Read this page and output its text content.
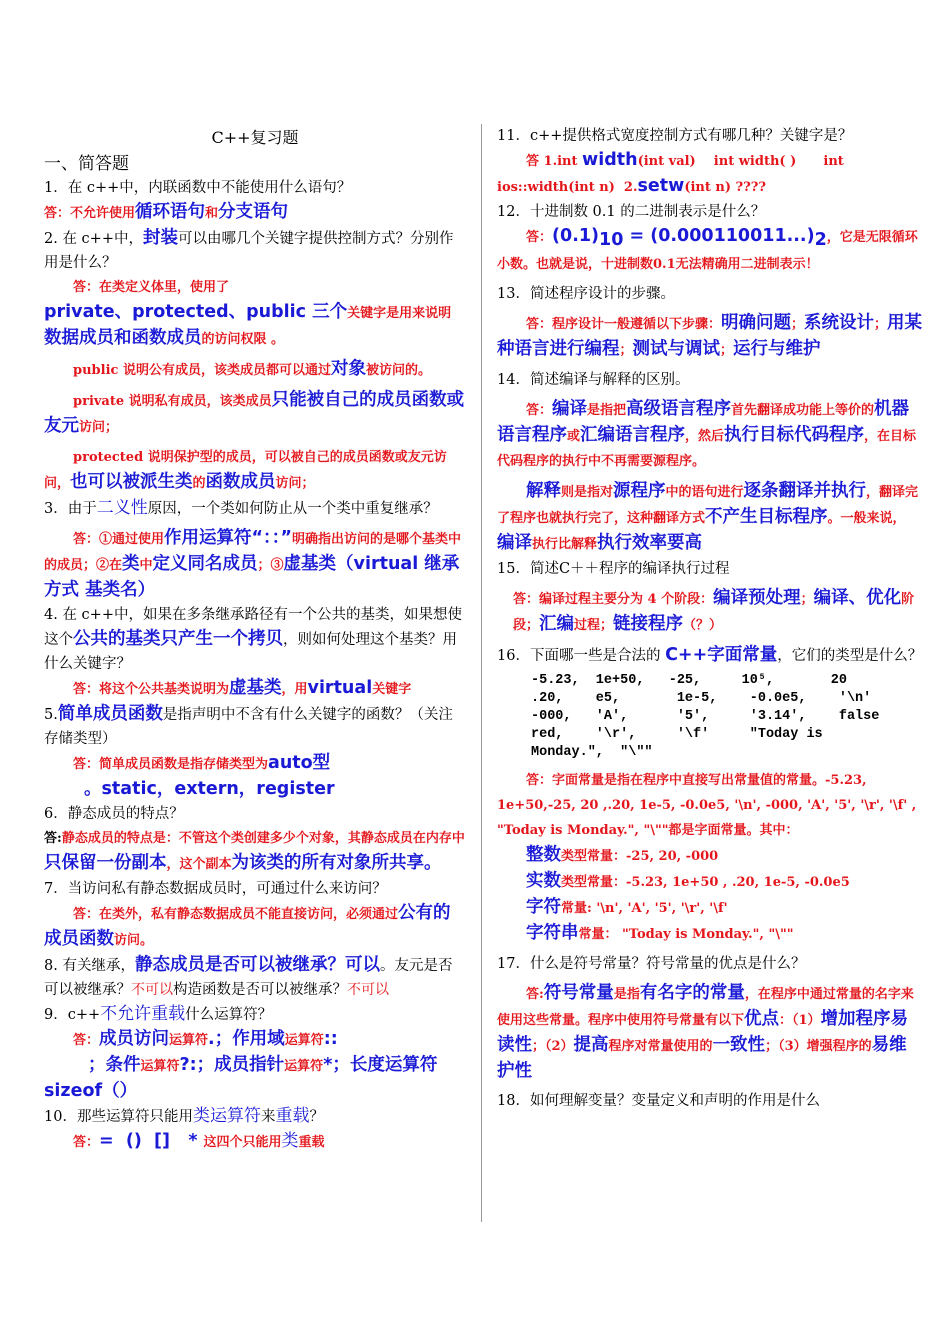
C++复习题

一、简答题

1．在 c++中，内联函数中不能使用什么语句？

答：不允许使用循环语句和分支语句

2. 在 c++中，封装可以由哪几个关键字提供控制方式？分别作用是什么？

答：在类定义体里，使用了

private、protected、public 三个关键字是用来说明数据成员和函数成员的访问权限 。

public 说明公有成员，该类成员都可以通过对象被访问的。

private 说明私有成员，该类成员只能被自己的成员函数或友元访问；

protected 说明保护型的成员，可以被自己的成员函数或友元访问，也可以被派生类的函数成员访问；

3．由于二义性原因，一个类如何防止从一个类中重复继承？

答：①通过使用作用运算符“：：”明确指出访问的是哪个基类中的成员；②在类中定义同名成员；③虚基类（virtual 继承方式 基类名）

4. 在 c++中，如果在多条继承路径有一个公共的基类，如果想使这个公共的基类只产生一个拷贝，则如何处理这个基类？用什么关键字？

答：将这个公共基类说明为虚基类，用virtual关键字

5.简单成员函数是指声明中不含有什么关键字的函数？（关注存储类型）

答：简单成员函数是指存储类型为auto型

。static，extern，register

6．静态成员的特点？

答:静态成员的特点是：不管这个类创建多少个对象，其静态成员在内存中只保留一份副本，这个副本为该类的所有对象所共享。

7．当访问私有静态数据成员时，可通过什么来访问？

答：在类外，私有静态数据成员不能直接访问，必须通过公有的成员函数访问。

8. 有关继承，静态成员是否可以被继承？可以。友元是否可以被继承？不可以构造函数是否可以被继承？不可以

9．c++不允许重载什么运算符？

答：成员访问运算符.；作用域运算符::

；条件运算符?:；成员指针运算符*；长度运算符 sizeof（）

10．那些运算符只能用类运算符来重载？

答：=  ()  []   * 这四个只能用类重载

11．c++提供格式宽度控制方式有哪几种？关键字是？

答 1.int width(int val)    int width( )      int  ios::width(int n)  2.setw(int n) ????

12．十进制数 0.1 的二进制表示是什么？

答：$(0.1)_{10} = (0.000110011...)_2$，它是无限循环小数。也就是说，十进制数0.1无法精确用二进制表示！

13．简述程序设计的步骤。

答：程序设计一般遵循以下步骤：明确问题；系统设计；用某种语言进行编程；测试与调试；运行与维护

14．简述编译与解释的区别。

答：编译是指把高级语言程序首先翻译成功能上等价的机器语言程序或汇编语言程序，然后执行目标代码程序，在目标代码程序的执行中不再需要源程序。

解释则是指对源程序中的语句进行逐条翻译并执行，翻译完了程序也就执行完了，这种翻译方式不产生目标程序。一般来说，编译执行比解释执行效率要高

15．简述C＋＋程序的编译执行过程

答：编译过程主要分为 4 个阶段：编译预处理；编译、优化阶段；汇编过程；链接程序（？）

16．下面哪一些是合法的 C++字面常量，它们的类型是什么？

-5.23,  1e+50,   -25,     10⁵,       20
.20,    e5,       1e-5,    -0.0e5,    '\n'
-000,   'A',      '5',     '3.14',    false
red,    '\r',     '\f'     "Today is
Monday.",  "\""

答：字面常量是指在程序中直接写出常量值的常量。-5.23, 1e+50,-25, 20 ,.20, 1e-5, -0.0e5, '\n', -000, 'A', '5', '\r', '\f' , "Today is Monday.", "\""都是字面常量。其中：

整数类型常量：-25, 20, -000

实数类型常量：-5.23, 1e+50 , .20, 1e-5, -0.0e5

字符常量: '\n', 'A', '5', '\r', '\f'

字符串常量： "Today is Monday.", "\""

17．什么是符号常量？符号常量的优点是什么？

答:符号常量是指有名字的常量，在程序中通过常量的名字来使用这些常量。程序中使用符号常量有以下优点：（1）增加程序易读性；（2）提高程序对常量使用的一致性；（3）增强程序的易维护性

18．如何理解变量？变量定义和声明的作用是什么
